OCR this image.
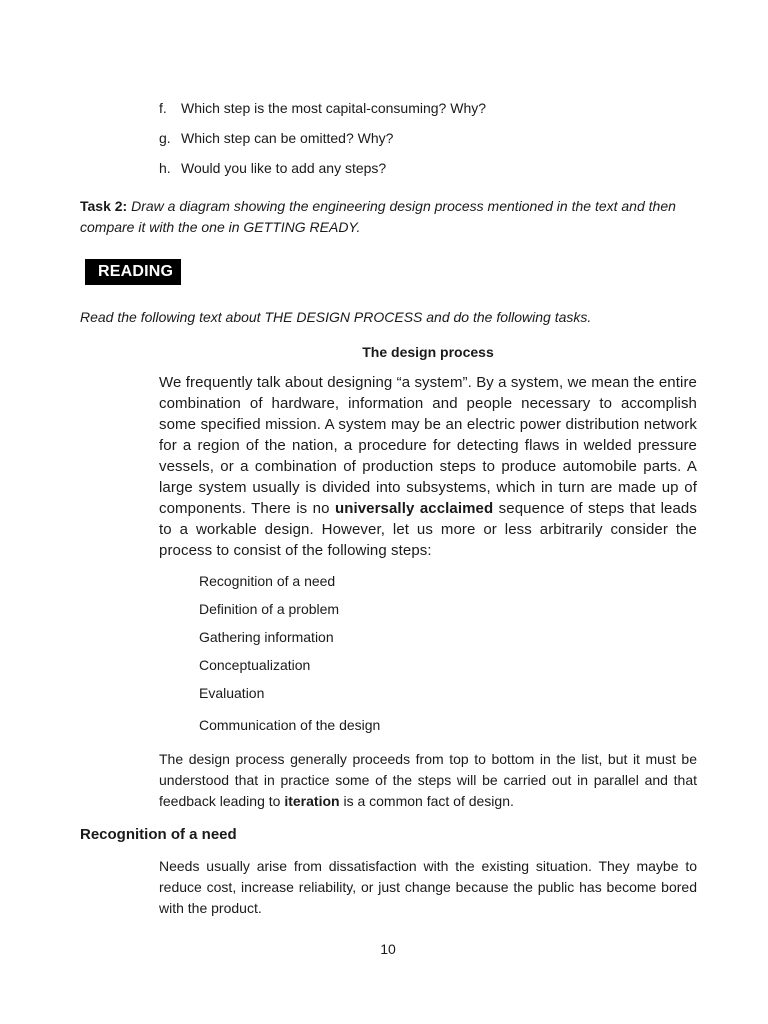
f.	Which step is the most capital-consuming? Why?
g. Which step can be omitted? Why?
h. Would you like to add any steps?
Task 2: Draw a diagram showing the engineering design process mentioned in the text and then compare it with the one in GETTING READY.
READING
Read the following text about THE DESIGN PROCESS and do the following tasks.
The design process
We frequently talk about designing “a system”. By a system, we mean the entire combination of hardware, information and people necessary to accomplish some specified mission. A system may be an electric power distribution network for a region of the nation, a procedure for detecting flaws in welded pressure vessels, or a combination of production steps to produce automobile parts. A large system usually is divided into subsystems, which in turn are made up of components. There is no universally acclaimed sequence of steps that leads to a workable design. However, let us more or less arbitrarily consider the process to consist of the following steps:
Recognition of a need
Definition of a problem
Gathering information
Conceptualization
Evaluation
Communication of the design
The design process generally proceeds from top to bottom in the list, but it must be understood that in practice some of the steps will be carried out in parallel and that feedback leading to iteration is a common fact of design.
Recognition of a need
Needs usually arise from dissatisfaction with the existing situation. They maybe to reduce cost, increase reliability, or just change because the public has become bored with the product.
10
